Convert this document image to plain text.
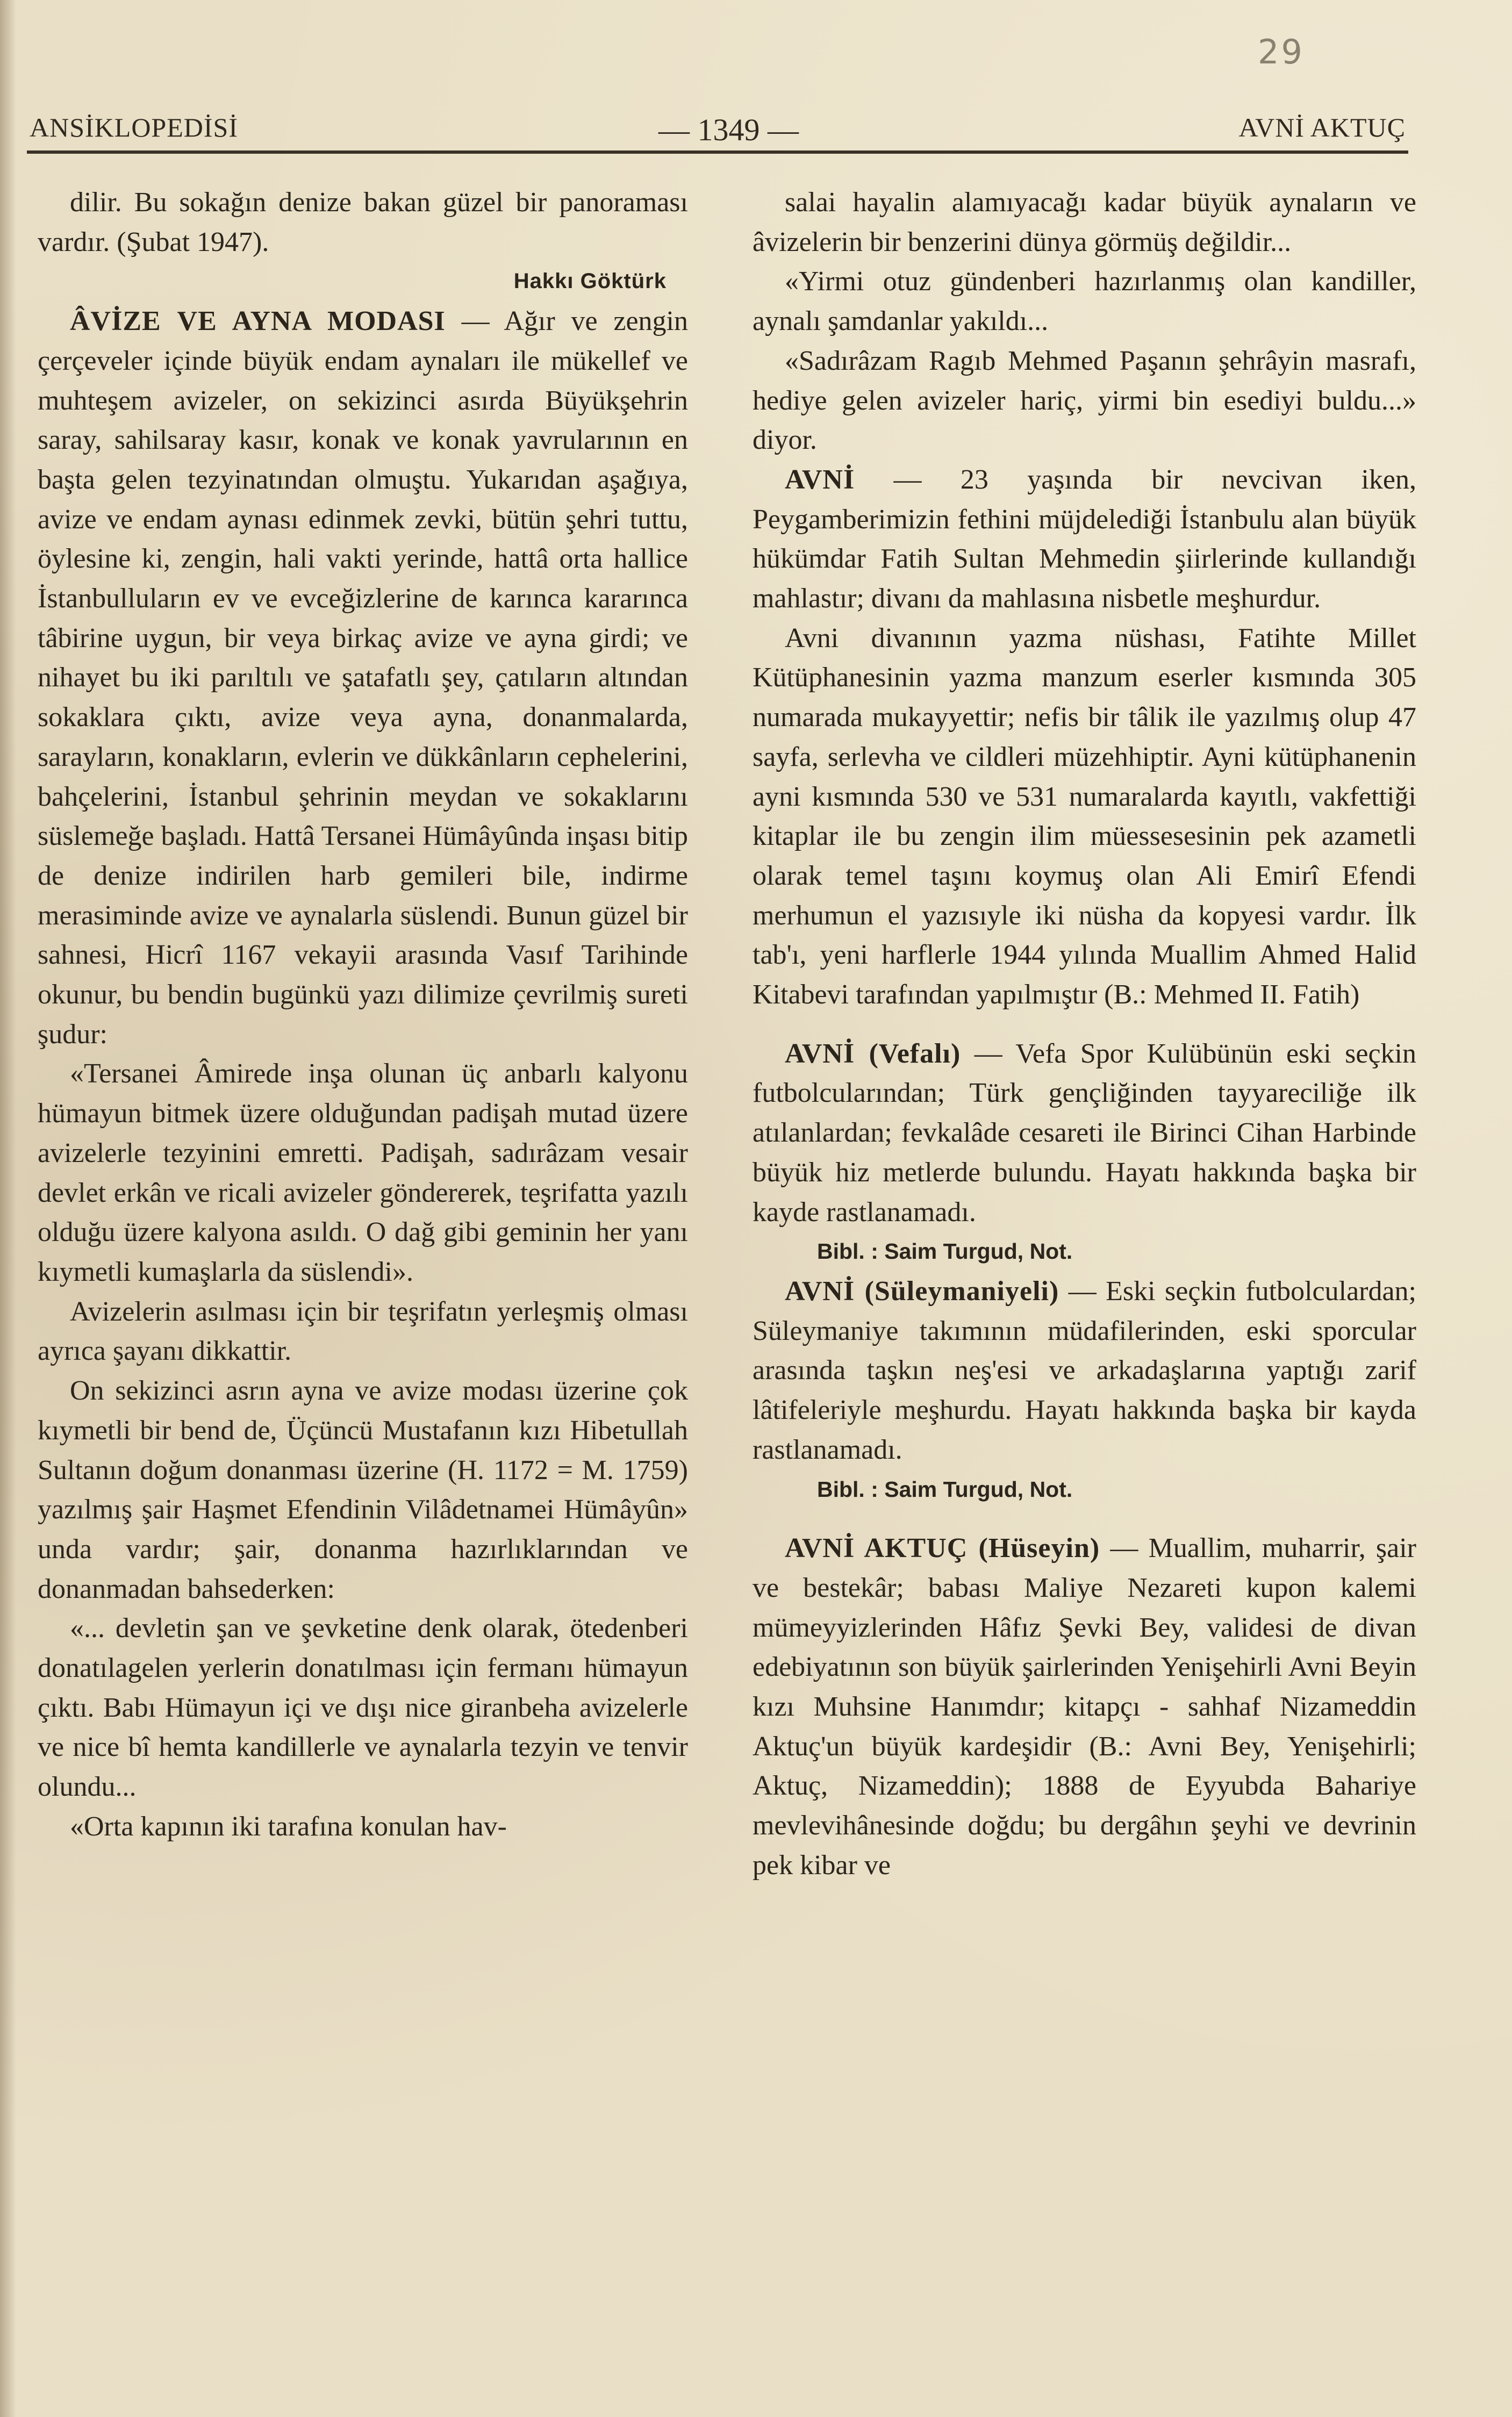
29
ANSİKLOPEDİSİ	— 1349 —	AVNİ AKTUÇ

dilir. Bu sokağın denize bakan güzel bir panoraması vardır. (Şubat 1947).

Hakkı Göktürk

ÂVİZE VE AYNA MODASI — Ağır ve zengin çerçeveler içinde büyük endam aynaları ile mükellef ve muhteşem avizeler, on sekizinci asırda Büyükşehrin saray, sahilsaray kasır, konak ve konak yavrularının en başta gelen tezyinatından olmuştu. Yukarıdan aşağıya, avize ve endam aynası edinmek zevki, bütün şehri tuttu, öylesine ki, zengin, hali vakti yerinde, hattâ orta hallice İstanbulluların ev ve evceğizlerine de karınca kararınca tâbirine uygun, bir veya birkaç avize ve ayna girdi; ve nihayet bu iki parıltılı ve şatafatlı şey, çatıların altından sokaklara çıktı, avize veya ayna, donanmalarda, sarayların, konakların, evlerin ve dükkânların cephelerini, bahçelerini, İstanbul şehrinin meydan ve sokaklarını süslemeğe başladı. Hattâ Tersanei Hümâyûnda inşası bitip de denize indirilen harb gemileri bile, indirme merasiminde avize ve aynalarla süslendi. Bunun güzel bir sahnesi, Hicrî 1167 vekayii arasında Vasıf Tarihinde okunur, bu bendin bugünkü yazı dilimize çevrilmiş sureti şudur:

«Tersanei Âmirede inşa olunan üç anbarlı kalyonu hümayun bitmek üzere olduğundan padişah mutad üzere avizelerle tezyinini emretti. Padişah, sadırâzam vesair devlet erkân ve ricali avizeler göndererek, teşrifatta yazılı olduğu üzere kalyona asıldı. O dağ gibi geminin her yanı kıymetli kumaşlarla da süslendi».

Avizelerin asılması için bir teşrifatın yerleşmiş olması ayrıca şayanı dikkattir.

On sekizinci asrın ayna ve avize modası üzerine çok kıymetli bir bend de, Üçüncü Mustafanın kızı Hibetullah Sultanın doğum donanması üzerine (H. 1172 = M. 1759) yazılmış şair Haşmet Efendinin Vilâdetnamei Hümâyûn» unda vardır; şair, donanma hazırlıklarından ve donanmadan bahsederken:

«... devletin şan ve şevketine denk olarak, ötedenberi donatılagelen yerlerin donatılması için fermanı hümayun çıktı. Babı Hümayun içi ve dışı nice giranbeha avizelerle ve nice bî hemta kandillerle ve aynalarla tezyin ve tenvir olundu...

«Orta kapının iki tarafına konulan hav-

salai hayalin alamıyacağı kadar büyük aynaların ve âvizelerin bir benzerini dünya görmüş değildir...

«Yirmi otuz gündenberi hazırlanmış olan kandiller, aynalı şamdanlar yakıldı...

«Sadırâzam Ragıb Mehmed Paşanın şehrâyin masrafı, hediye gelen avizeler hariç, yirmi bin esediyi buldu...» diyor.

AVNİ — 23 yaşında bir nevcivan iken, Peygamberimizin fethini müjdelediği İstanbulu alan büyük hükümdar Fatih Sultan Mehmedin şiirlerinde kullandığı mahlastır; divanı da mahlasına nisbetle meşhurdur.

Avni divanının yazma nüshası, Fatihte Millet Kütüphanesinin yazma manzum eserler kısmında 305 numarada mukayyettir; nefis bir tâlik ile yazılmış olup 47 sayfa, serlevha ve cildleri müzehhiptir. Ayni kütüphanenin ayni kısmında 530 ve 531 numaralarda kayıtlı, vakfettiği kitaplar ile bu zengin ilim müessesesinin pek azametli olarak temel taşını koymuş olan Ali Emirî Efendi merhumun el yazısıyle iki nüsha da kopyesi vardır. İlk tab'ı, yeni harflerle 1944 yılında Muallim Ahmed Halid Kitabevi tarafından yapılmıştır (B.: Mehmed II. Fatih)

AVNİ (Vefalı) — Vefa Spor Kulübünün eski seçkin futbolcularından; Türk gençliğinden tayyareciliğe ilk atılanlardan; fevkalâde cesareti ile Birinci Cihan Harbinde büyük hiz metlerde bulundu. Hayatı hakkında başka bir kayde rastlanamadı.

Bibl. : Saim Turgud, Not.

AVNİ (Süleymaniyeli) — Eski seçkin futbolculardan; Süleymaniye takımının müdafilerinden, eski sporcular arasında taşkın neş'esi ve arkadaşlarına yaptığı zarif lâtifeleriyle meşhurdu. Hayatı hakkında başka bir kayda rastlanamadı.

Bibl. : Saim Turgud, Not.

AVNİ AKTUÇ (Hüseyin) — Muallim, muharrir, şair ve bestekâr; babası Maliye Nezareti kupon kalemi mümeyyizlerinden Hâfız Şevki Bey, validesi de divan edebiyatının son büyük şairlerinden Yenişehirli Avni Beyin kızı Muhsine Hanımdır; kitapçı - sahhaf Nizameddin Aktuç'un büyük kardeşidir (B.: Avni Bey, Yenişehirli; Aktuç, Nizameddin); 1888 de Eyyubda Bahariye mevlevihânesinde doğdu; bu dergâhın şeyhi ve devrinin pek kibar ve
